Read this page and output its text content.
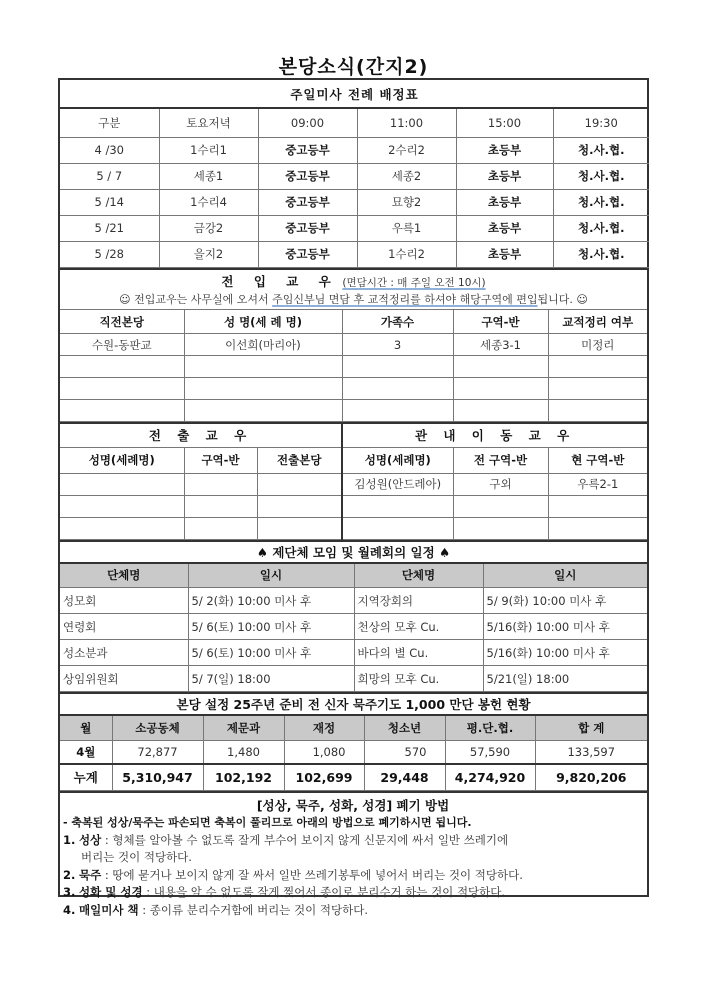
본당소식(간지2)
주일미사 전례 배정표					
구분	토요저녁	09:00	11:00	15:00	19:30
4 /30	1수리1	중고등부	2수리2	초등부	청.사.협.
5 / 7	세종1	중고등부	세종2	초등부	청.사.협.
5 /14	1수리4	중고등부	묘향2	초등부	청.사.협.
5 /21	금강2	중고등부	우륵1	초등부	청.사.협.
5 /28	을지2	중고등부	1수리2	초등부	청.사.협.
전 입 교 우 (면담시간 : 매 주일 오전 10시)				
☺ 전입교우는 사무실에 오셔서 주임신부님 면담 후 교적정리를 하셔야 해당구역에 편입됩니다. ☺				
직전본당	성 명(세 례 명)	가족수	구역-반	교적정리 여부
수원-동판교	이선희(마리아)	3	세종3-1	미정리

전 출 교 우			관 내 이 동 교 우		
성명(세례명)	구역-반	전출본당	성명(세례명)	전 구역-반	현 구역-반
			김성원(안드레아)	구외	우륵2-1

♠ 제단체 모임 및 월례회의 일정 ♠			
단체명	일시	단체명	일시
성모회	5/ 2(화) 10:00 미사 후	지역장회의	5/ 9(화) 10:00 미사 후
연령회	5/ 6(토) 10:00 미사 후	천상의 모후 Cu.	5/16(화) 10:00 미사 후
성소분과	5/ 6(토) 10:00 미사 후	바다의 별 Cu.	5/16(화) 10:00 미사 후
상임위원회	5/ 7(일) 18:00	희망의 모후 Cu.	5/21(일) 18:00
본당 설정 25주년 준비 전 신자 묵주기도 1,000 만단 봉헌 현황						
월	소공동체	제문과	재정	청소년	평.단.협.	합 계
4월	72,877	1,480	1,080	570	57,590	133,597
누계	5,310,947	102,192	102,699	29,448	4,274,920	9,820,206
[성상, 묵주, 성화, 성경] 폐기 방법
- 축복된 성상/묵주는 파손되면 축복이 풀리므로 아래의 방법으로 폐기하시면 됩니다.
1. 성상 : 형체를 알아볼 수 없도록 잘게 부수어 보이지 않게 신문지에 싸서 일반 쓰레기에
버리는 것이 적당하다.
2. 묵주 : 땅에 묻거나 보이지 않게 잘 싸서 일반 쓰레기봉투에 넣어서 버리는 것이 적당하다.
3. 성화 및 성경 : 내용을 알 수 없도록 잘게 찢어서 종이로 분리수거 하는 것이 적당하다.
4. 매일미사 책 : 종이류 분리수거함에 버리는 것이 적당하다.
